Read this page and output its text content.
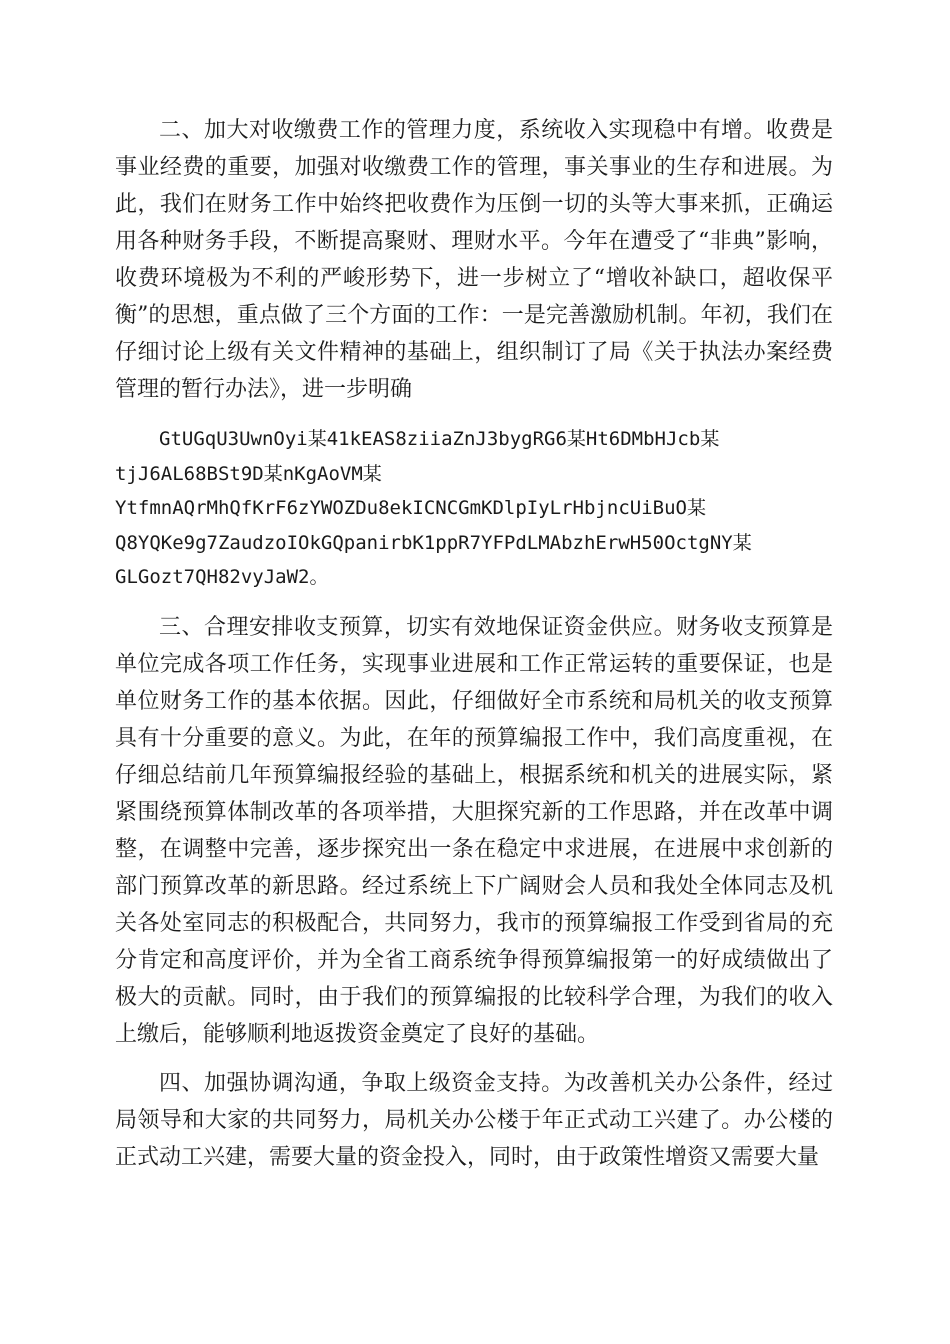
二、加大对收缴费工作的管理力度，系统收入实现稳中有增。收费是事业经费的重要，加强对收缴费工作的管理，事关事业的生存和进展。为此，我们在财务工作中始终把收费作为压倒一切的头等大事来抓，正确运用各种财务手段，不断提高聚财、理财水平。今年在遭受了“非典”影响，收费环境极为不利的严峻形势下，进一步树立了“增收补缺口，超收保平衡”的思想，重点做了三个方面的工作：一是完善激励机制。年初，我们在仔细讨论上级有关文件精神的基础上，组织制订了局《关于执法办案经费管理的暂行办法》，进一步明确

GtUGqU3UwnOyi某41kEAS8ziiaZnJ3bygRG6某Ht6DMbHJcb某
tjJ6AL68BSt9D某nKgAoVM某
YtfmnAQrMhQfKrF6zYWOZDu8ekICNCGmKDlpIyLrHbjncUiBuO某
Q8YQKe9g7ZaudzoIOkGQpanirbK1ppR7YFPdLMAbzhErwH50OctgNY某
GLGozt7QH82vyJaW2。

三、合理安排收支预算，切实有效地保证资金供应。财务收支预算是单位完成各项工作任务，实现事业进展和工作正常运转的重要保证，也是单位财务工作的基本依据。因此，仔细做好全市系统和局机关的收支预算具有十分重要的意义。为此，在年的预算编报工作中，我们高度重视，在仔细总结前几年预算编报经验的基础上，根据系统和机关的进展实际，紧紧围绕预算体制改革的各项举措，大胆探究新的工作思路，并在改革中调整，在调整中完善，逐步探究出一条在稳定中求进展，在进展中求创新的部门预算改革的新思路。经过系统上下广阔财会人员和我处全体同志及机关各处室同志的积极配合，共同努力，我市的预算编报工作受到省局的充分肯定和高度评价，并为全省工商系统争得预算编报第一的好成绩做出了极大的贡献。同时，由于我们的预算编报的比较科学合理，为我们的收入上缴后，能够顺利地返拨资金奠定了良好的基础。

四、加强协调沟通，争取上级资金支持。为改善机关办公条件，经过局领导和大家的共同努力，局机关办公楼于年正式动工兴建了。办公楼的正式动工兴建，需要大量的资金投入，同时，由于政策性增资又需要大量
